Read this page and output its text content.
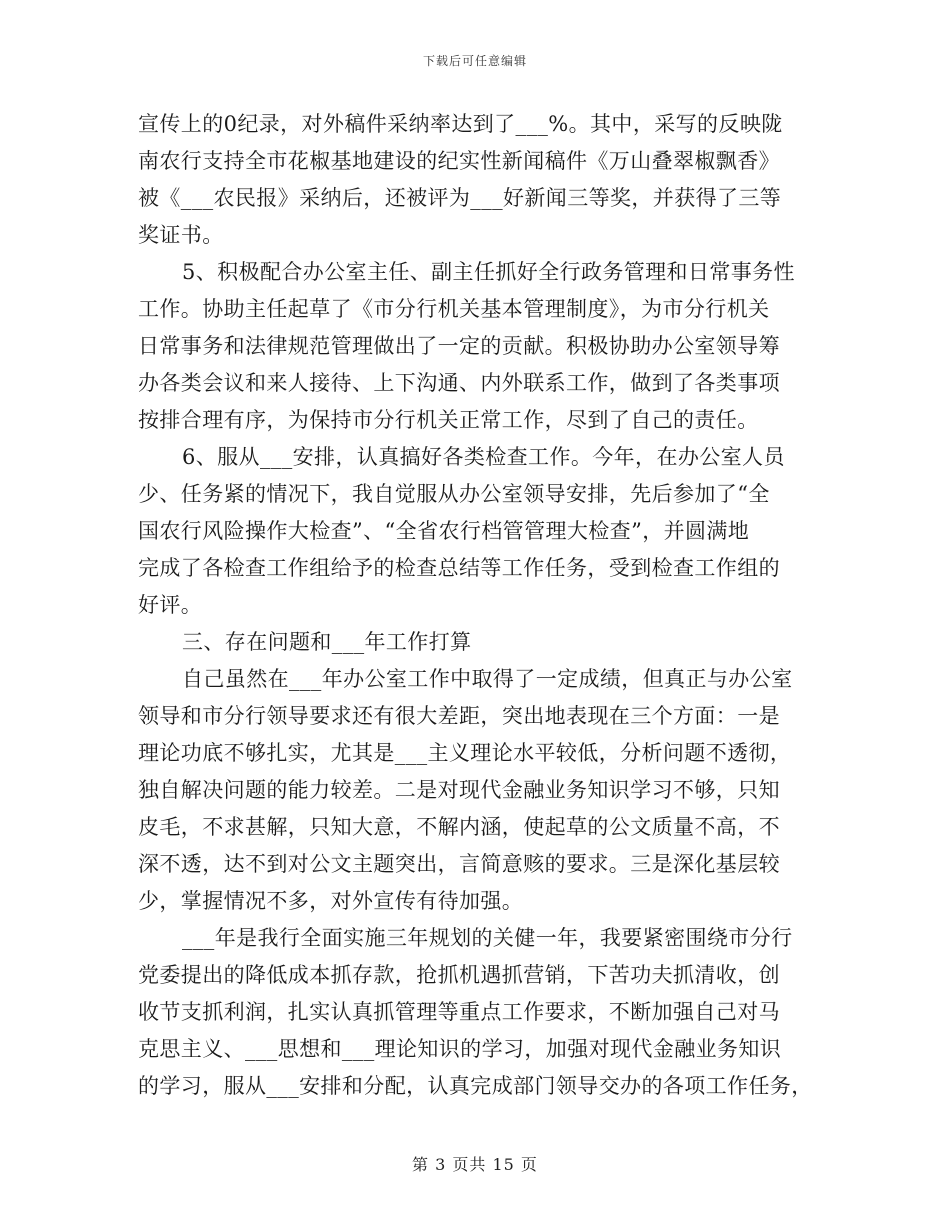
下载后可任意编辑
宣传上的0纪录，对外稿件采纳率达到了___%。其中，采写的反映陇
南农行支持全市花椒基地建设的纪实性新闻稿件《万山叠翠椒飘香》
被《___农民报》采纳后，还被评为___好新闻三等奖，并获得了三等
奖证书。
5、积极配合办公室主任、副主任抓好全行政务管理和日常事务性
工作。协助主任起草了《市分行机关基本管理制度》，为市分行机关
日常事务和法律规范管理做出了一定的贡献。积极协助办公室领导筹
办各类会议和来人接待、上下沟通、内外联系工作，做到了各类事项
按排合理有序，为保持市分行机关正常工作，尽到了自己的责任。
6、服从___安排，认真搞好各类检查工作。今年，在办公室人员
少、任务紧的情况下，我自觉服从办公室领导安排，先后参加了“全
国农行风险操作大检查”、“全省农行档管管理大检查”，并圆满地
完成了各检查工作组给予的检查总结等工作任务，受到检查工作组的
好评。
三、存在问题和___年工作打算
自己虽然在___年办公室工作中取得了一定成绩，但真正与办公室
领导和市分行领导要求还有很大差距，突出地表现在三个方面：一是
理论功底不够扎实，尤其是___主义理论水平较低，分析问题不透彻，
独自解决问题的能力较差。二是对现代金融业务知识学习不够，只知
皮毛，不求甚解，只知大意，不解内涵，使起草的公文质量不高，不
深不透，达不到对公文主题突出，言简意赅的要求。三是深化基层较
少，掌握情况不多，对外宣传有待加强。
___年是我行全面实施三年规划的关健一年，我要紧密围绕市分行
党委提出的降低成本抓存款，抢抓机遇抓营销，下苦功夫抓清收，创
收节支抓利润，扎实认真抓管理等重点工作要求，不断加强自己对马
克思主义、___思想和___理论知识的学习，加强对现代金融业务知识
的学习，服从___安排和分配，认真完成部门领导交办的各项工作任务，
第 3 页共 15 页
